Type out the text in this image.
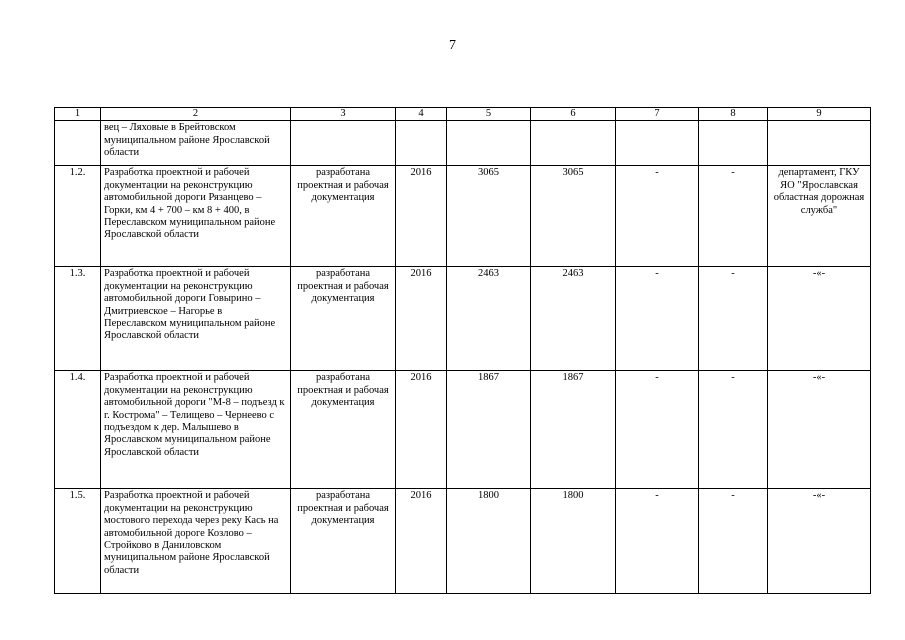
7
1	2	3	4	5	6	7	8	9
	вец – Ляховые в Брейтовском муниципальном районе Ярославской области							
1.2.	Разработка проектной и рабочей документации на реконструкцию автомобильной дороги Рязанцево – Горки, км 4 + 700 – км 8 + 400, в Переславском муниципальном районе Ярославской области	разработана проектная и рабочая документация	2016	3065	3065	-	-	департамент, ГКУ ЯО "Ярославская областная дорожная служба"
1.3.	Разработка проектной и рабочей документации на реконструкцию автомобильной дороги Говырино – Дмитриевское – Нагорье в Переславском муниципальном районе Ярославской области	разработана проектная и рабочая документация	2016	2463	2463	-	-	-«-
1.4.	Разработка проектной и рабочей документации на реконструкцию автомобильной дороги "М-8 – подъезд к г. Кострома" – Телищево – Чернеево с подъездом к дер. Малышево в Ярославском муниципальном районе Ярославской области	разработана проектная и рабочая документация	2016	1867	1867	-	-	-«-
1.5.	Разработка проектной и рабочей документации на реконструкцию мостового перехода через реку Кась на автомобильной дороге Козлово – Стройково в Даниловском муниципальном районе Ярославской области	разработана проектная и рабочая документация	2016	1800	1800	-	-	-«-
